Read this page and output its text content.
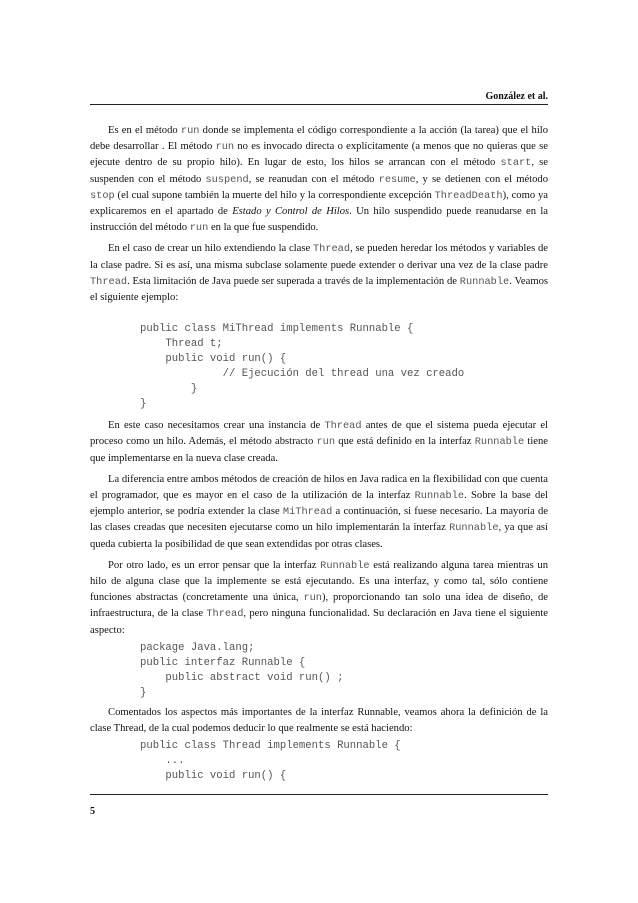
González et al.

Es en el método run donde se implementa el código correspondiente a la acción (la tarea) que el hilo debe desarrollar . El método run no es invocado directa o explícitamente (a menos que no quieras que se ejecute dentro de su propio hilo). En lugar de esto, los hilos se arrancan con el método start, se suspenden con el método suspend, se reanudan con el método resume, y se detienen con el método stop (el cual supone también la muerte del hilo y la correspondiente excepción ThreadDeath), como ya explicaremos en el apartado de Estado y Control de Hilos. Un hilo suspendido puede reanudarse en la instrucción del método run en la que fue suspendido.

En el caso de crear un hilo extendiendo la clase Thread, se pueden heredar los métodos y variables de la clase padre. Si es así, una misma subclase solamente puede extender o derivar una vez de la clase padre Thread. Esta limitación de Java puede ser superada a través de la implementación de Runnable. Veamos el siguiente ejemplo:

public class MiThread implements Runnable {
Thread t;
public void run() {
// Ejecución del thread una vez creado
}
}

En este caso necesitamos crear una instancia de Thread antes de que el sistema pueda ejecutar el proceso como un hilo. Además, el método abstracto run que está definido en la interfaz Runnable tiene que implementarse en la nueva clase creada.

La diferencia entre ambos métodos de creación de hilos en Java radica en la flexibilidad con que cuenta el programador, que es mayor en el caso de la utilización de la interfaz Runnable. Sobre la base del ejemplo anterior, se podría extender la clase MiThread a continuación, si fuese necesario. La mayoría de las clases creadas que necesiten ejecutarse como un hilo implementarán la interfaz Runnable, ya que así queda cubierta la posibilidad de que sean extendidas por otras clases.

Por otro lado, es un error pensar que la interfaz Runnable está realizando alguna tarea mientras un hilo de alguna clase que la implemente se está ejecutando. Es una interfaz, y como tal, sólo contiene funciones abstractas (concretamente una única, run), proporcionando tan solo una idea de diseño, de infraestructura, de la clase Thread, pero ninguna funcionalidad. Su declaración en Java tiene el siguiente aspecto:

package Java.lang;
public interfaz Runnable {
public abstract void run() ;
}

Comentados los aspectos más importantes de la interfaz Runnable, veamos ahora la definición de la clase Thread, de la cual podemos deducir lo que realmente se está haciendo:

public class Thread implements Runnable {
...
public void run() {
5
